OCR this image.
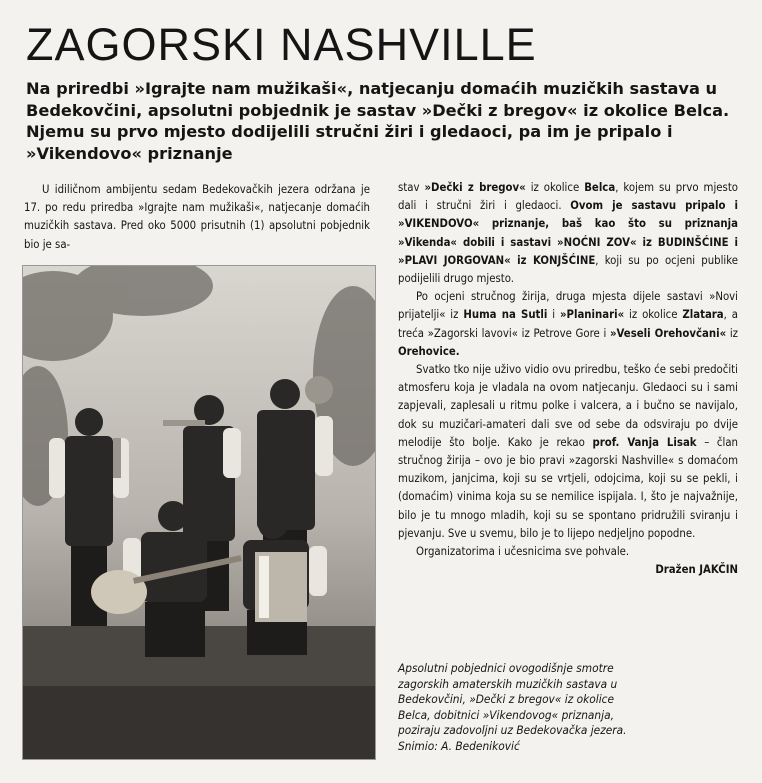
ZAGORSKI NASHVILLE

Na priredbi »Igrajte nam mužikaši«, natjecanju domaćih muzičkih sastava u Bedekovčini, apsolutni pobjednik je sastav »Dečki z bregov« iz okolice Belca. Njemu su prvo mjesto dodijelili stručni žiri i gledaoci, pa im je pripalo i »Vikendovo« priznanje

U idiličnom ambijentu sedam Bedekovačkih jezera održana je 17. po redu priredba »Igrajte nam mužikaši«, natjecanje domaćih muzičkih sastava. Pred oko 5000 prisutnih (1) apsolutni pobjednik bio je sa-

stav »Dečki z bregov« iz okolice Belca, kojem su prvo mjesto dali i stručni žiri i gledaoci. Ovom je sastavu pripalo i »VIKENDOVO« priznanje, baš kao što su priznanja »Vikenda« dobili i sastavi »NOĆNI ZOV« iz BUDINŠĆINE i »PLAVI JORGOVAN« iz KONJŠĆINE, koji su po ocjeni publike podijelili drugo mjesto.

Po ocjeni stručnog žirija, druga mjesta dijele sastavi »Novi prijatelji« iz Huma na Sutli i »Planinari« iz okolice Zlatara, a treća »Zagorski lavovi« iz Petrove Gore i »Veseli Orehovčani« iz Orehovice.

Svatko tko nije uživo vidio ovu priredbu, teško će sebi predočiti atmosferu koja je vladala na ovom natjecanju. Gledaoci su i sami zapjevali, zaplesali u ritmu polke i valcera, a i bučno se navijalo, dok su muzičari-amateri dali sve od sebe da odsviraju po dvije melodije što bolje. Kako je rekao prof. Vanja Lisak – član stručnog žirija – ovo je bio pravi »zagorski Nashville« s domaćom muzikom, janjcima, koji su se vrtjeli, odojcima, koji su se pekli, i (domaćim) vinima koja su se nemilice ispijala. I, što je najvažnije, bilo je tu mnogo mladih, koji su se spontano pridružili sviranju i pjevanju. Sve u svemu, bilo je to lijepo nedjeljno popodne.

Organizatorima i učesnicima sve pohvale.

Dražen JAKČIN

Apsolutni pobjednici ovogodišnje smotre
zagorskih amaterskih muzičkih sastava u
Bedekovčini, »Dečki z bregov« iz okolice
Belca, dobitnici »Vikendovog« priznanja,
poziraju zadovoljni uz Bedekovačka jezera.
Snimio: A. Bedeniković
